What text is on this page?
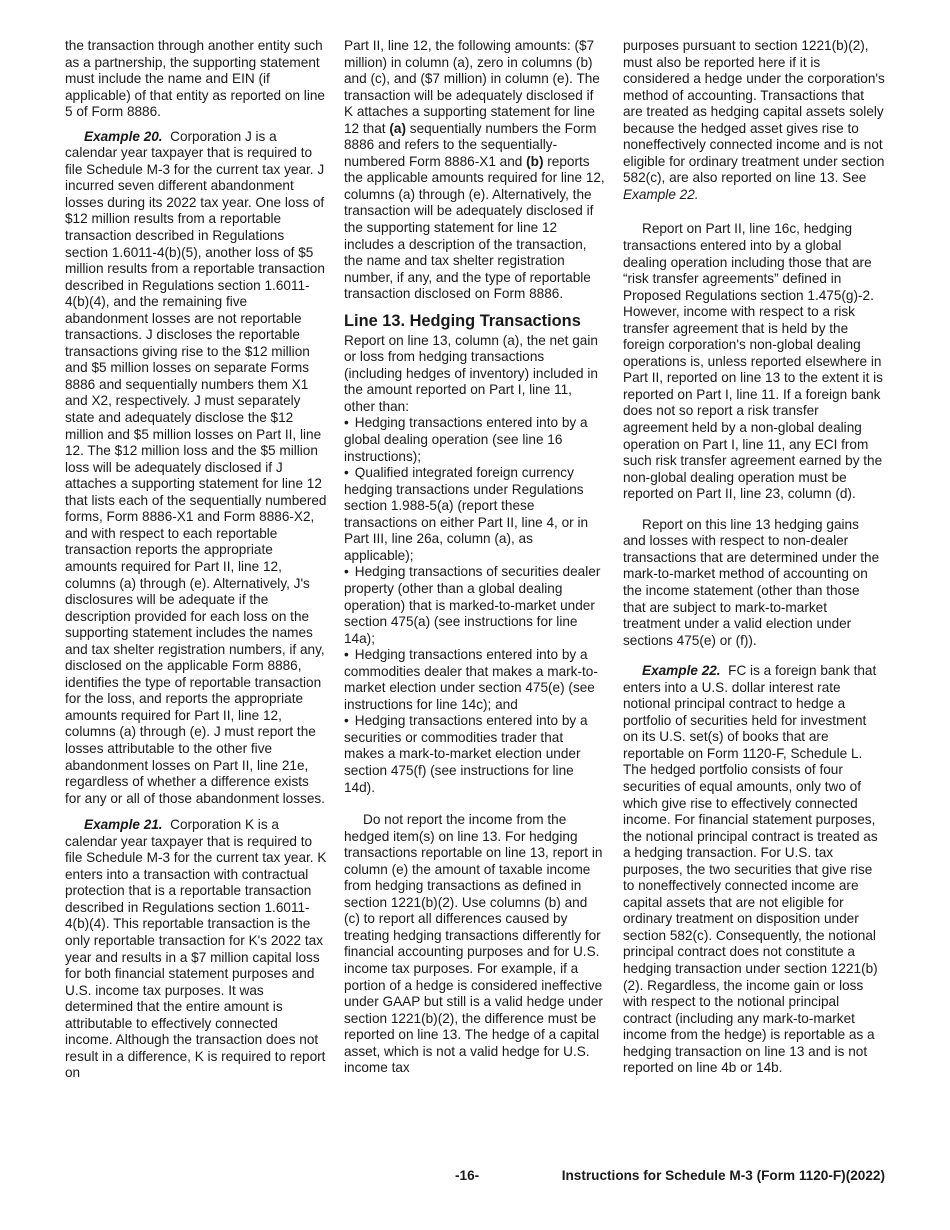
the transaction through another entity such as a partnership, the supporting statement must include the name and EIN (if applicable) of that entity as reported on line 5 of Form 8886.

Example 20. Corporation J is a calendar year taxpayer that is required to file Schedule M-3 for the current tax year. J incurred seven different abandonment losses during its 2022 tax year. One loss of $12 million results from a reportable transaction described in Regulations section 1.6011-4(b)(5), another loss of $5 million results from a reportable transaction described in Regulations section 1.6011-4(b)(4), and the remaining five abandonment losses are not reportable transactions. J discloses the reportable transactions giving rise to the $12 million and $5 million losses on separate Forms 8886 and sequentially numbers them X1 and X2, respectively. J must separately state and adequately disclose the $12 million and $5 million losses on Part II, line 12. The $12 million loss and the $5 million loss will be adequately disclosed if J attaches a supporting statement for line 12 that lists each of the sequentially numbered forms, Form 8886-X1 and Form 8886-X2, and with respect to each reportable transaction reports the appropriate amounts required for Part II, line 12, columns (a) through (e). Alternatively, J's disclosures will be adequate if the description provided for each loss on the supporting statement includes the names and tax shelter registration numbers, if any, disclosed on the applicable Form 8886, identifies the type of reportable transaction for the loss, and reports the appropriate amounts required for Part II, line 12, columns (a) through (e). J must report the losses attributable to the other five abandonment losses on Part II, line 21e, regardless of whether a difference exists for any or all of those abandonment losses.

Example 21. Corporation K is a calendar year taxpayer that is required to file Schedule M-3 for the current tax year. K enters into a transaction with contractual protection that is a reportable transaction described in Regulations section 1.6011-4(b)(4). This reportable transaction is the only reportable transaction for K's 2022 tax year and results in a $7 million capital loss for both financial statement purposes and U.S. income tax purposes. It was determined that the entire amount is attributable to effectively connected income. Although the transaction does not result in a difference, K is required to report on

Part II, line 12, the following amounts: ($7 million) in column (a), zero in columns (b) and (c), and ($7 million) in column (e). The transaction will be adequately disclosed if K attaches a supporting statement for line 12 that (a) sequentially numbers the Form 8886 and refers to the sequentially-numbered Form 8886-X1 and (b) reports the applicable amounts required for line 12, columns (a) through (e). Alternatively, the transaction will be adequately disclosed if the supporting statement for line 12 includes a description of the transaction, the name and tax shelter registration number, if any, and the type of reportable transaction disclosed on Form 8886.

Line 13. Hedging Transactions

Report on line 13, column (a), the net gain or loss from hedging transactions (including hedges of inventory) included in the amount reported on Part I, line 11, other than:

• Hedging transactions entered into by a global dealing operation (see line 16 instructions);

• Qualified integrated foreign currency hedging transactions under Regulations section 1.988-5(a) (report these transactions on either Part II, line 4, or in Part III, line 26a, column (a), as applicable);

• Hedging transactions of securities dealer property (other than a global dealing operation) that is marked-to-market under section 475(a) (see instructions for line 14a);

• Hedging transactions entered into by a commodities dealer that makes a mark-to-market election under section 475(e) (see instructions for line 14c); and

• Hedging transactions entered into by a securities or commodities trader that makes a mark-to-market election under section 475(f) (see instructions for line 14d).

Do not report the income from the hedged item(s) on line 13. For hedging transactions reportable on line 13, report in column (e) the amount of taxable income from hedging transactions as defined in section 1221(b)(2). Use columns (b) and (c) to report all differences caused by treating hedging transactions differently for financial accounting purposes and for U.S. income tax purposes. For example, if a portion of a hedge is considered ineffective under GAAP but still is a valid hedge under section 1221(b)(2), the difference must be reported on line 13. The hedge of a capital asset, which is not a valid hedge for U.S. income tax

purposes pursuant to section 1221(b)(2), must also be reported here if it is considered a hedge under the corporation's method of accounting. Transactions that are treated as hedging capital assets solely because the hedged asset gives rise to noneffectively connected income and is not eligible for ordinary treatment under section 582(c), are also reported on line 13. See Example 22.

Report on Part II, line 16c, hedging transactions entered into by a global dealing operation including those that are “risk transfer agreements” defined in Proposed Regulations section 1.475(g)-2. However, income with respect to a risk transfer agreement that is held by the foreign corporation's non-global dealing operations is, unless reported elsewhere in Part II, reported on line 13 to the extent it is reported on Part I, line 11. If a foreign bank does not so report a risk transfer agreement held by a non-global dealing operation on Part I, line 11, any ECI from such risk transfer agreement earned by the non-global dealing operation must be reported on Part II, line 23, column (d).

Report on this line 13 hedging gains and losses with respect to non-dealer transactions that are determined under the mark-to-market method of accounting on the income statement (other than those that are subject to mark-to-market treatment under a valid election under sections 475(e) or (f)).

Example 22. FC is a foreign bank that enters into a U.S. dollar interest rate notional principal contract to hedge a portfolio of securities held for investment on its U.S. set(s) of books that are reportable on Form 1120-F, Schedule L. The hedged portfolio consists of four securities of equal amounts, only two of which give rise to effectively connected income. For financial statement purposes, the notional principal contract is treated as a hedging transaction. For U.S. tax purposes, the two securities that give rise to noneffectively connected income are capital assets that are not eligible for ordinary treatment on disposition under section 582(c). Consequently, the notional principal contract does not constitute a hedging transaction under section 1221(b)(2). Regardless, the income gain or loss with respect to the notional principal contract (including any mark-to-market income from the hedge) is reportable as a hedging transaction on line 13 and is not reported on line 4b or 14b.

-16-	Instructions for Schedule M-3 (Form 1120-F)(2022)
